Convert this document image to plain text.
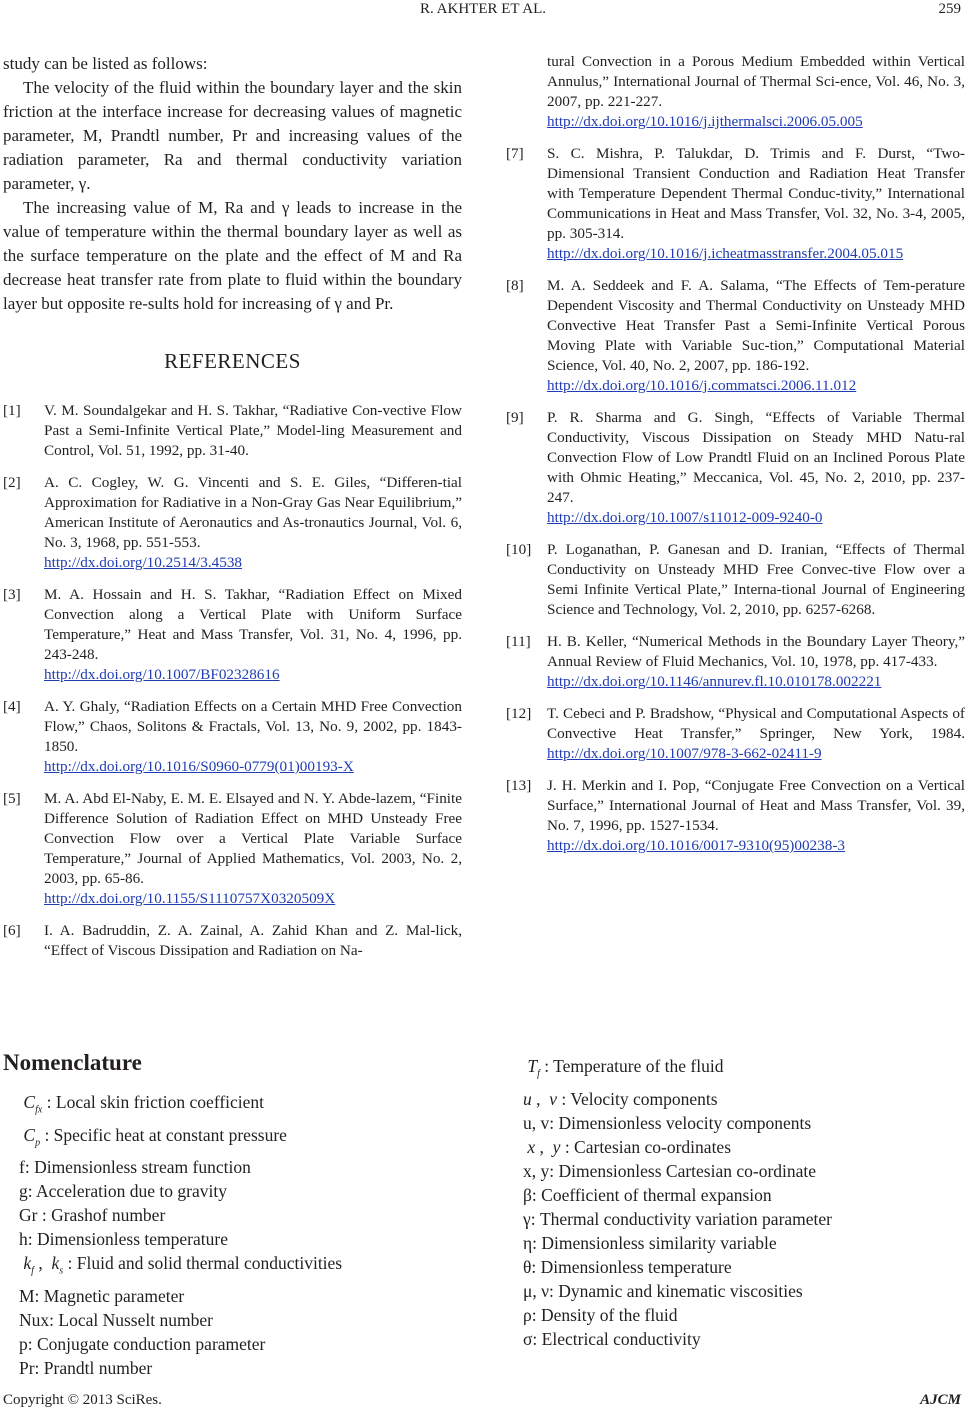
R. AKHTER ET AL.	259

study can be listed as follows:

The velocity of the fluid within the boundary layer and the skin friction at the interface increase for decreasing values of magnetic parameter, M, Prandtl number, Pr and increasing values of the radiation parameter, Ra and thermal conductivity variation parameter, γ.

The increasing value of M, Ra and γ leads to increase in the value of temperature within the thermal boundary layer as well as the surface temperature on the plate and the effect of M and Ra decrease heat transfer rate from plate to fluid within the boundary layer but opposite re-sults hold for increasing of γ and Pr.

REFERENCES
[1]	V. M. Soundalgekar and H. S. Takhar, “Radiative Con-vective Flow Past a Semi-Infinite Vertical Plate,” Model-ling Measurement and Control, Vol. 51, 1992, pp. 31-40.
[2]	A. C. Cogley, W. G. Vincenti and S. E. Giles, “Differen-tial Approximation for Radiative in a Non-Gray Gas Near Equilibrium,” American Institute of Aeronautics and As-tronautics Journal, Vol. 6, No. 3, 1968, pp. 551-553.
http://dx.doi.org/10.2514/3.4538
[3]	M. A. Hossain and H. S. Takhar, “Radiation Effect on Mixed Convection along a Vertical Plate with Uniform Surface Temperature,” Heat and Mass Transfer, Vol. 31, No. 4, 1996, pp. 243-248.
http://dx.doi.org/10.1007/BF02328616
[4]	A. Y. Ghaly, “Radiation Effects on a Certain MHD Free Convection Flow,” Chaos, Solitons & Fractals, Vol. 13, No. 9, 2002, pp. 1843-1850.
http://dx.doi.org/10.1016/S0960-0779(01)00193-X
[5]	M. A. Abd El-Naby, E. M. E. Elsayed and N. Y. Abde-lazem, “Finite Difference Solution of Radiation Effect on MHD Unsteady Free Convection Flow over a Vertical Plate Variable Surface Temperature,” Journal of Applied Mathematics, Vol. 2003, No. 2, 2003, pp. 65-86.
http://dx.doi.org/10.1155/S1110757X0320509X
[6]	I. A. Badruddin, Z. A. Zainal, A. Zahid Khan and Z. Mal-lick, “Effect of Viscous Dissipation and Radiation on Na-
tural Convection in a Porous Medium Embedded within Vertical Annulus,” International Journal of Thermal Sci-ence, Vol. 46, No. 3, 2007, pp. 221-227.
http://dx.doi.org/10.1016/j.ijthermalsci.2006.05.005
[7]	S. C. Mishra, P. Talukdar, D. Trimis and F. Durst, “Two-Dimensional Transient Conduction and Radiation Heat Transfer with Temperature Dependent Thermal Conduc-tivity,” International Communications in Heat and Mass Transfer, Vol. 32, No. 3-4, 2005, pp. 305-314.
http://dx.doi.org/10.1016/j.icheatmasstransfer.2004.05.015
[8]	M. A. Seddeek and F. A. Salama, “The Effects of Tem-perature Dependent Viscosity and Thermal Conductivity on Unsteady MHD Convective Heat Transfer Past a Semi-Infinite Vertical Porous Moving Plate with Variable Suc-tion,” Computational Material Science, Vol. 40, No. 2, 2007, pp. 186-192.
http://dx.doi.org/10.1016/j.commatsci.2006.11.012
[9]	P. R. Sharma and G. Singh, “Effects of Variable Thermal Conductivity, Viscous Dissipation on Steady MHD Natu-ral Convection Flow of Low Prandtl Fluid on an Inclined Porous Plate with Ohmic Heating,” Meccanica, Vol. 45, No. 2, 2010, pp. 237-247.
http://dx.doi.org/10.1007/s11012-009-9240-0
[10]	P. Loganathan, P. Ganesan and D. Iranian, “Effects of Thermal Conductivity on Unsteady MHD Free Convec-tive Flow over a Semi Infinite Vertical Plate,” Interna-tional Journal of Engineering Science and Technology, Vol. 2, 2010, pp. 6257-6268.
[11]	H. B. Keller, “Numerical Methods in the Boundary Layer Theory,” Annual Review of Fluid Mechanics, Vol. 10, 1978, pp. 417-433.
http://dx.doi.org/10.1146/annurev.fl.10.010178.002221
[12]	T. Cebeci and P. Bradshow, “Physical and Computational Aspects of Convective Heat Transfer,” Springer, New York, 1984. http://dx.doi.org/10.1007/978-3-662-02411-9
[13]	J. H. Merkin and I. Pop, “Conjugate Free Convection on a Vertical Surface,” International Journal of Heat and Mass Transfer, Vol. 39, No. 7, 1996, pp. 1527-1534.
http://dx.doi.org/10.1016/0017-9310(95)00238-3
Nomenclature
$C_{fx}$ : Local skin friction coefficient
$C_p$ : Specific heat at constant pressure
f: Dimensionless stream function
g: Acceleration due to gravity
Gr : Grashof number
h: Dimensionless temperature
$k_f$ ,  $k_s$ : Fluid and solid thermal conductivities
M: Magnetic parameter
Nux: Local Nusselt number
p: Conjugate conduction parameter
Pr: Prandtl number
$T_f$ : Temperature of the fluid
u ,  v : Velocity components
u, v: Dimensionless velocity components
x ,  y : Cartesian co-ordinates
x, y: Dimensionless Cartesian co-ordinate
β: Coefficient of thermal expansion
γ: Thermal conductivity variation parameter
η: Dimensionless similarity variable
θ: Dimensionless temperature
μ, ν: Dynamic and kinematic viscosities
ρ: Density of the fluid
σ: Electrical conductivity
Copyright © 2013 SciRes.	AJCM
